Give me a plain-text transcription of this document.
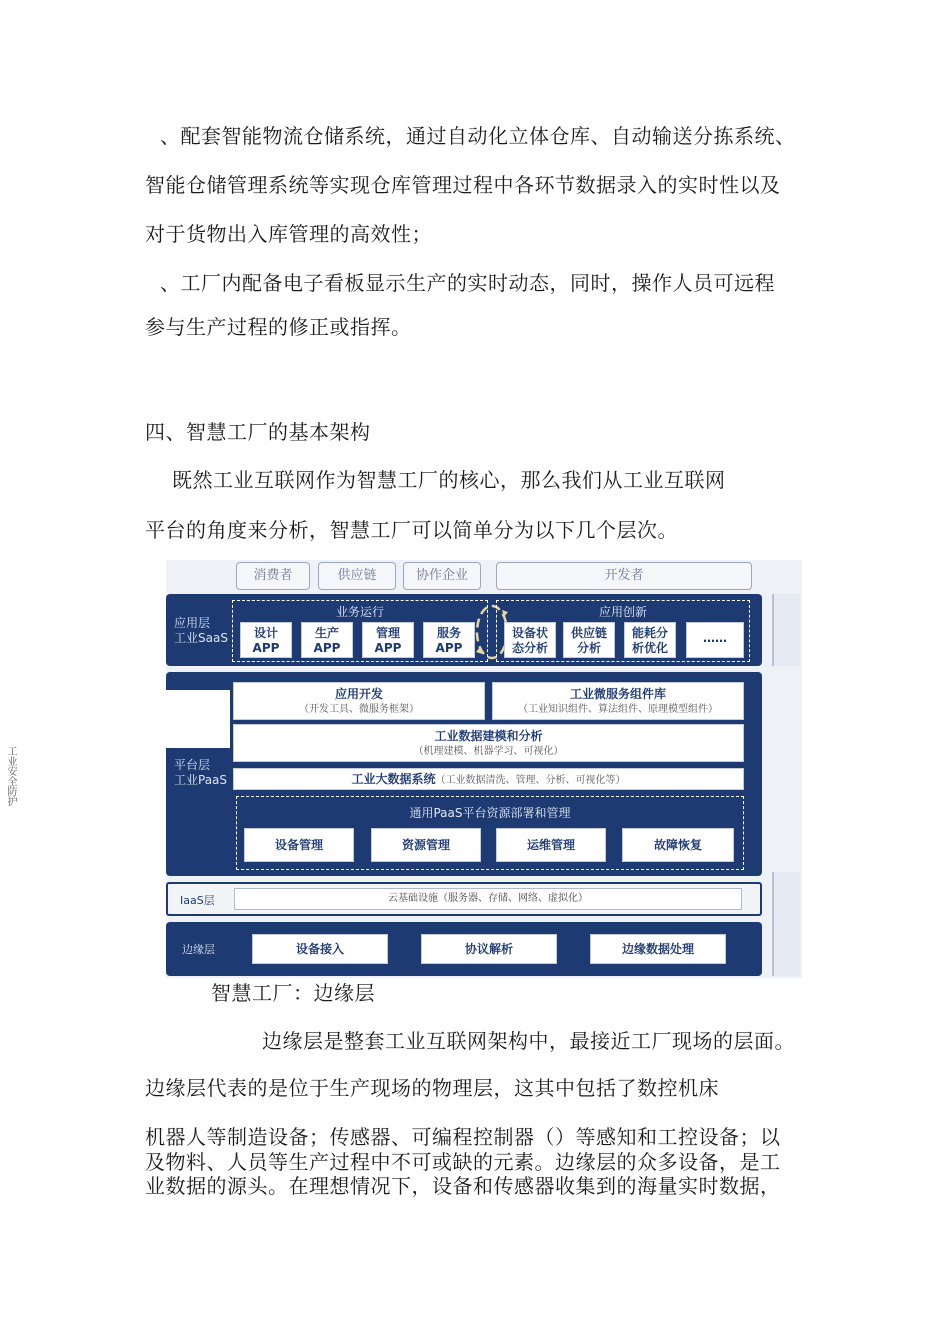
、配套智能物流仓储系统，通过自动化立体仓库、自动输送分拣系统、
智能仓储管理系统等实现仓库管理过程中各环节数据录入的实时性以及
对于货物出入库管理的高效性；
、工厂内配备电子看板显示生产的实时动态，同时，操作人员可远程
参与生产过程的修正或指挥。
四、智慧工厂的基本架构
既然工业互联网作为智慧工厂的核心，那么我们从工业互联网
平台的角度来分析，智慧工厂可以简单分为以下几个层次。
工业安全防护
消费者	供应链	协作企业	开发者
应用层
工业SaaS
业务运行
设计
APP
生产
APP
管理
APP
服务
APP
应用创新
设备状
态分析
供应链
分析
能耗分
析优化
……
平台层
工业PaaS
应用开发
（开发工具、微服务框架）
工业微服务组件库
（工业知识组件、算法组件、原理模型组件）
工业数据建模和分析
（机理建模、机器学习、可视化）
工业大数据系统（工业数据清洗、管理、分析、可视化等）
通用PaaS平台资源部署和管理
设备管理	资源管理	运维管理	故障恢复
IaaS层	云基础设施（服务器、存储、网络、虚拟化）
边缘层	设备接入	协议解析	边缘数据处理
智慧工厂：边缘层
边缘层是整套工业互联网架构中，最接近工厂现场的层面。
边缘层代表的是位于生产现场的物理层，这其中包括了数控机床
机器人等制造设备；传感器、可编程控制器（）等感知和工控设备；以
及物料、人员等生产过程中不可或缺的元素。边缘层的众多设备，是工
业数据的源头。在理想情况下，设备和传感器收集到的海量实时数据，
